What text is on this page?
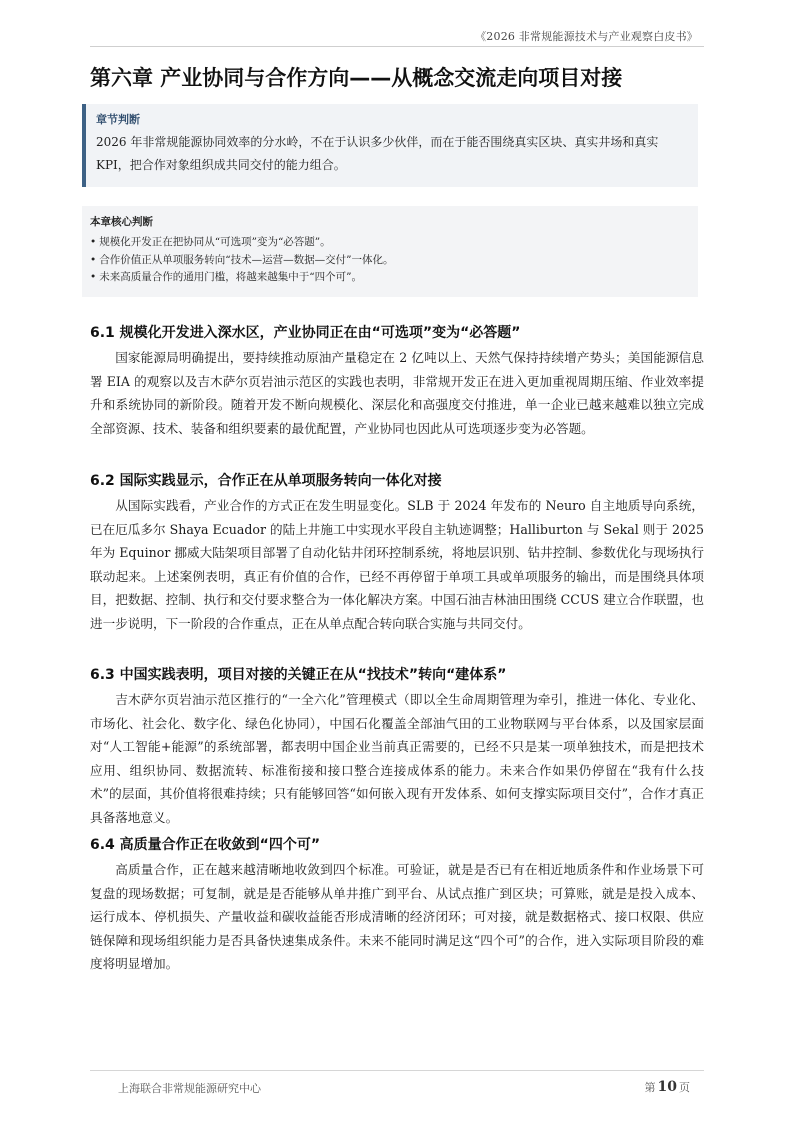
《2026 非常规能源技术与产业观察白皮书》
第六章 产业协同与合作方向——从概念交流走向项目对接
章节判断
2026 年非常规能源协同效率的分水岭，不在于认识多少伙伴，而在于能否围绕真实区块、真实井场和真实 KPI，把合作对象组织成共同交付的能力组合。
本章核心判断
• 规模化开发正在把协同从“可选项”变为“必答题”。
• 合作价值正从单项服务转向“技术—运营—数据—交付”一体化。
• 未来高质量合作的通用门槛，将越来越集中于“四个可”。
6.1 规模化开发进入深水区，产业协同正在由“可选项”变为“必答题”

国家能源局明确提出，要持续推动原油产量稳定在 2 亿吨以上、天然气保持持续增产势头；美国能源信息署 EIA 的观察以及吉木萨尔页岩油示范区的实践也表明，非常规开发正在进入更加重视周期压缩、作业效率提升和系统协同的新阶段。随着开发不断向规模化、深层化和高强度交付推进，单一企业已越来越难以独立完成全部资源、技术、装备和组织要素的最优配置，产业协同也因此从可选项逐步变为必答题。

6.2 国际实践显示，合作正在从单项服务转向一体化对接

从国际实践看，产业合作的方式正在发生明显变化。SLB 于 2024 年发布的 Neuro 自主地质导向系统，已在厄瓜多尔 Shaya Ecuador 的陆上井施工中实现水平段自主轨迹调整；Halliburton 与 Sekal 则于 2025 年为 Equinor 挪威大陆架项目部署了自动化钻井闭环控制系统，将地层识别、钻井控制、参数优化与现场执行联动起来。上述案例表明，真正有价值的合作，已经不再停留于单项工具或单项服务的输出，而是围绕具体项目，把数据、控制、执行和交付要求整合为一体化解决方案。中国石油吉林油田围绕 CCUS 建立合作联盟，也进一步说明，下一阶段的合作重点，正在从单点配合转向联合实施与共同交付。

6.3 中国实践表明，项目对接的关键正在从“找技术”转向“建体系”

吉木萨尔页岩油示范区推行的“一全六化”管理模式（即以全生命周期管理为牵引，推进一体化、专业化、市场化、社会化、数字化、绿色化协同），中国石化覆盖全部油气田的工业物联网与平台体系，以及国家层面对“人工智能+能源”的系统部署，都表明中国企业当前真正需要的，已经不只是某一项单独技术，而是把技术应用、组织协同、数据流转、标准衔接和接口整合连接成体系的能力。未来合作如果仍停留在“我有什么技术”的层面，其价值将很难持续；只有能够回答“如何嵌入现有开发体系、如何支撑实际项目交付”，合作才真正具备落地意义。

6.4 高质量合作正在收敛到“四个可”

高质量合作，正在越来越清晰地收敛到四个标准。可验证，就是是否已有在相近地质条件和作业场景下可复盘的现场数据；可复制，就是是否能够从单井推广到平台、从试点推广到区块；可算账，就是是投入成本、运行成本、停机损失、产量收益和碳收益能否形成清晰的经济闭环；可对接，就是数据格式、接口权限、供应链保障和现场组织能力是否具备快速集成条件。未来不能同时满足这“四个可”的合作，进入实际项目阶段的难度将明显增加。

上海联合非常规能源研究中心	第 10 页
